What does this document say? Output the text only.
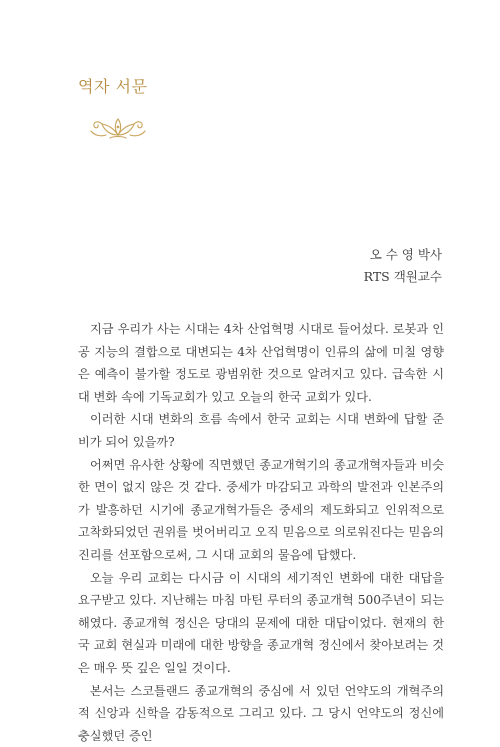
역자 서문
오 수 영 박사
RTS 객원교수

지금 우리가 사는 시대는 4차 산업혁명 시대로 들어섰다. 로봇과 인공 지능의 결합으로 대변되는 4차 산업혁명이 인류의 삶에 미칠 영향은 예측이 불가할 정도로 광범위한 것으로 알려지고 있다. 급속한 시대 변화 속에 기독교회가 있고 오늘의 한국 교회가 있다.

이러한 시대 변화의 흐름 속에서 한국 교회는 시대 변화에 답할 준비가 되어 있을까?

어쩌면 유사한 상황에 직면했던 종교개혁기의 종교개혁자들과 비슷한 면이 없지 않은 것 같다. 중세가 마감되고 과학의 발전과 인본주의가 발흥하던 시기에 종교개혁가들은 중세의 제도화되고 인위적으로 고착화되었던 권위를 벗어버리고 오직 믿음으로 의로워진다는 믿음의 진리를 선포함으로써, 그 시대 교회의 물음에 답했다.

오늘 우리 교회는 다시금 이 시대의 세기적인 변화에 대한 대답을 요구받고 있다. 지난해는 마침 마틴 루터의 종교개혁 500주년이 되는 해였다. 종교개혁 정신은 당대의 문제에 대한 대답이었다. 현재의 한국 교회 현실과 미래에 대한 방향을 종교개혁 정신에서 찾아보려는 것은 매우 뜻 깊은 일일 것이다.

본서는 스코틀랜드 종교개혁의 중심에 서 있던 언약도의 개혁주의적 신앙과 신학을 감동적으로 그리고 있다. 그 당시 언약도의 정신에 충실했던 증인
